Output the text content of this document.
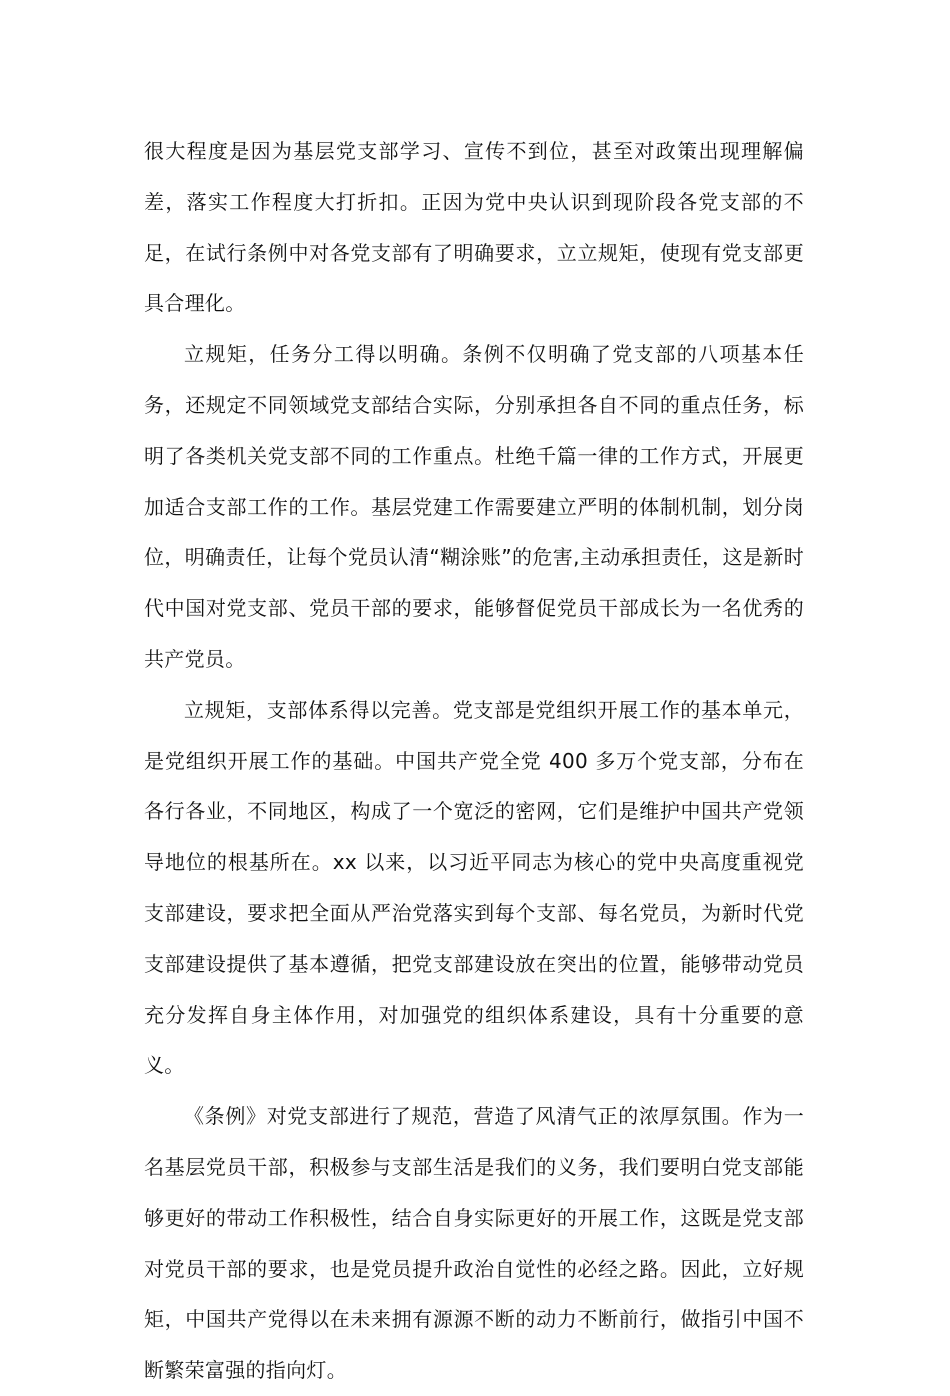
很大程度是因为基层党支部学习、宣传不到位，甚至对政策出现理解偏差，落实工作程度大打折扣。正因为党中央认识到现阶段各党支部的不足，在试行条例中对各党支部有了明确要求，立立规矩，使现有党支部更具合理化。

立规矩，任务分工得以明确。条例不仅明确了党支部的八项基本任务，还规定不同领域党支部结合实际，分别承担各自不同的重点任务，标明了各类机关党支部不同的工作重点。杜绝千篇一律的工作方式，开展更加适合支部工作的工作。基层党建工作需要建立严明的体制机制，划分岗位，明确责任，让每个党员认清“糊涂账”的危害,主动承担责任，这是新时代中国对党支部、党员干部的要求，能够督促党员干部成长为一名优秀的共产党员。

立规矩，支部体系得以完善。党支部是党组织开展工作的基本单元，是党组织开展工作的基础。中国共产党全党 400 多万个党支部，分布在各行各业，不同地区，构成了一个宽泛的密网，它们是维护中国共产党领导地位的根基所在。xx 以来，以习近平同志为核心的党中央高度重视党支部建设，要求把全面从严治党落实到每个支部、每名党员，为新时代党支部建设提供了基本遵循，把党支部建设放在突出的位置，能够带动党员充分发挥自身主体作用，对加强党的组织体系建设，具有十分重要的意义。

《条例》对党支部进行了规范，营造了风清气正的浓厚氛围。作为一名基层党员干部，积极参与支部生活是我们的义务，我们要明白党支部能够更好的带动工作积极性，结合自身实际更好的开展工作，这既是党支部对党员干部的要求，也是党员提升政治自觉性的必经之路。因此，立好规矩，中国共产党得以在未来拥有源源不断的动力不断前行，做指引中国不断繁荣富强的指向灯。
